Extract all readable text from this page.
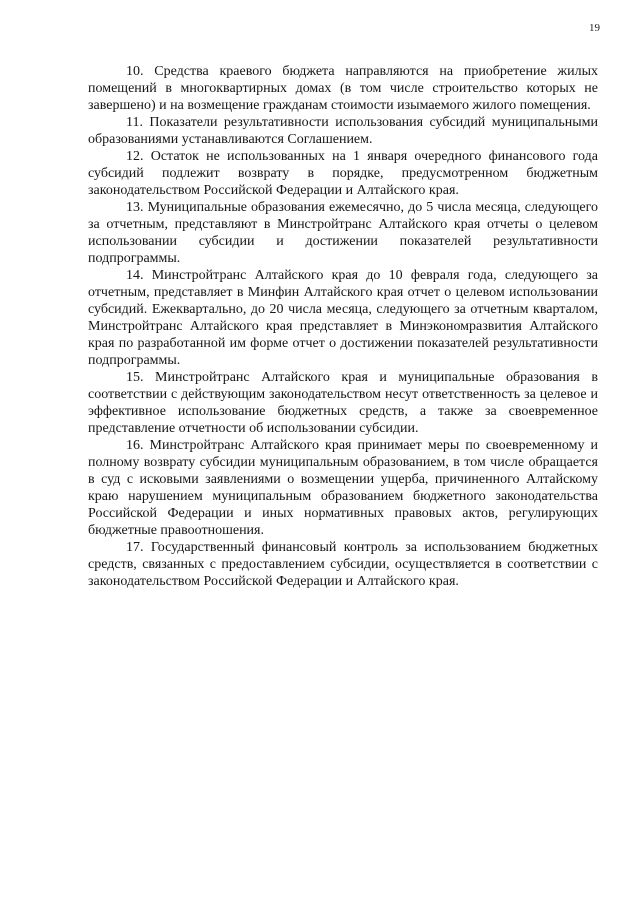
19

10. Средства краевого бюджета направляются на приобретение жилых помещений в многоквартирных домах (в том числе строительство которых не завершено) и на возмещение гражданам стоимости изымаемого жилого помещения.

11. Показатели результативности использования субсидий муниципальными образованиями устанавливаются Соглашением.

12. Остаток не использованных на 1 января очередного финансового года субсидий подлежит возврату в порядке, предусмотренном бюджетным законодательством Российской Федерации и Алтайского края.

13. Муниципальные образования ежемесячно, до 5 числа месяца, следующего за отчетным, представляют в Минстройтранс Алтайского края отчеты о целевом использовании субсидии и достижении показателей результативности подпрограммы.

14. Минстройтранс Алтайского края до 10 февраля года, следующего за отчетным, представляет в Минфин Алтайского края отчет о целевом использовании субсидий. Ежеквартально, до 20 числа месяца, следующего за отчетным кварталом, Минстройтранс Алтайского края представляет в Минэкономразвития Алтайского края по разработанной им форме отчет о достижении показателей результативности подпрограммы.

15. Минстройтранс Алтайского края и муниципальные образования в соответствии с действующим законодательством несут ответственность за целевое и эффективное использование бюджетных средств, а также за своевременное представление отчетности об использовании субсидии.

16. Минстройтранс Алтайского края принимает меры по своевременному и полному возврату субсидии муниципальным образованием, в том числе обращается в суд с исковыми заявлениями о возмещении ущерба, причиненного Алтайскому краю нарушением муниципальным образованием бюджетного законодательства Российской Федерации и иных нормативных правовых актов, регулирующих бюджетные правоотношения.

17. Государственный финансовый контроль за использованием бюджетных средств, связанных с предоставлением субсидии, осуществляется в соответствии с законодательством Российской Федерации и Алтайского края.
